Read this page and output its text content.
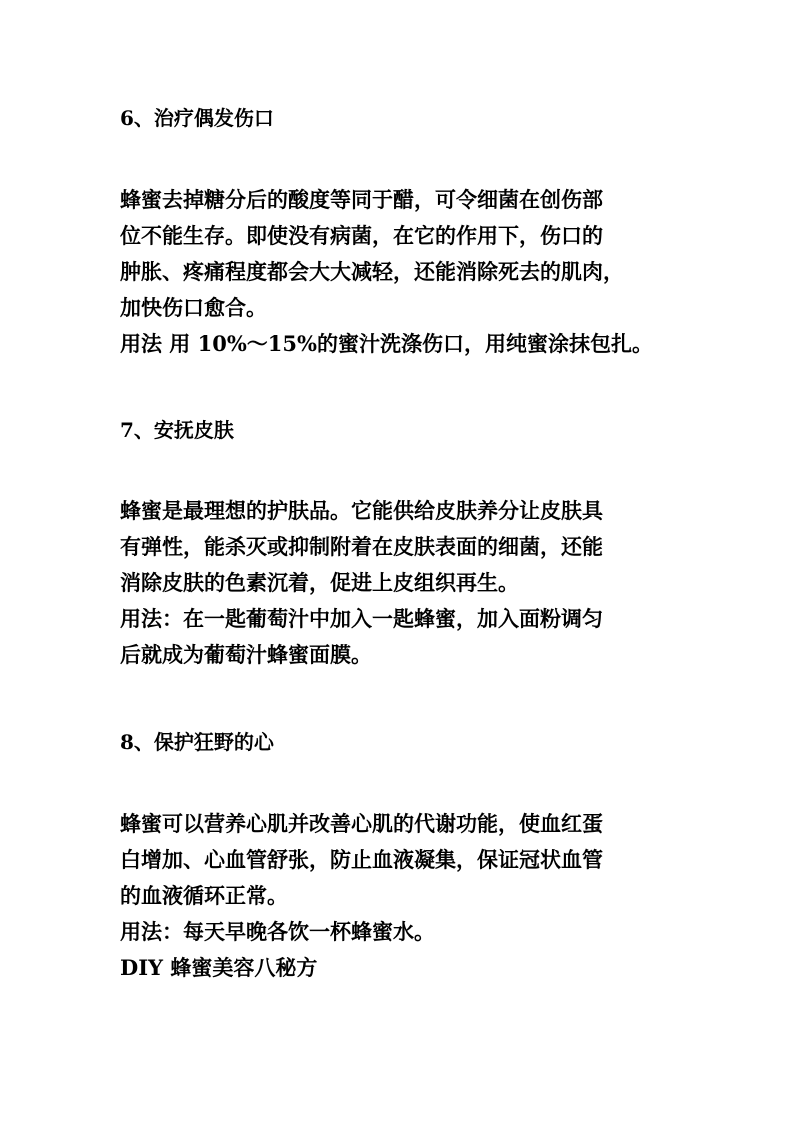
6、治疗偶发伤口

蜂蜜去掉糖分后的酸度等同于醋，可令细菌在创伤部

位不能生存。即使没有病菌，在它的作用下，伤口的

肿胀、疼痛程度都会大大减轻，还能消除死去的肌肉，

加快伤口愈合。

用法 用 10%～15%的蜜汁洗涤伤口，用纯蜜涂抹包扎。

7、安抚皮肤

蜂蜜是最理想的护肤品。它能供给皮肤养分让皮肤具

有弹性，能杀灭或抑制附着在皮肤表面的细菌，还能

消除皮肤的色素沉着，促进上皮组织再生。

用法：在一匙葡萄汁中加入一匙蜂蜜，加入面粉调匀

后就成为葡萄汁蜂蜜面膜。

8、保护狂野的心

蜂蜜可以营养心肌并改善心肌的代谢功能，使血红蛋

白增加、心血管舒张，防止血液凝集，保证冠状血管

的血液循环正常。

用法：每天早晚各饮一杯蜂蜜水。

DIY 蜂蜜美容八秘方
